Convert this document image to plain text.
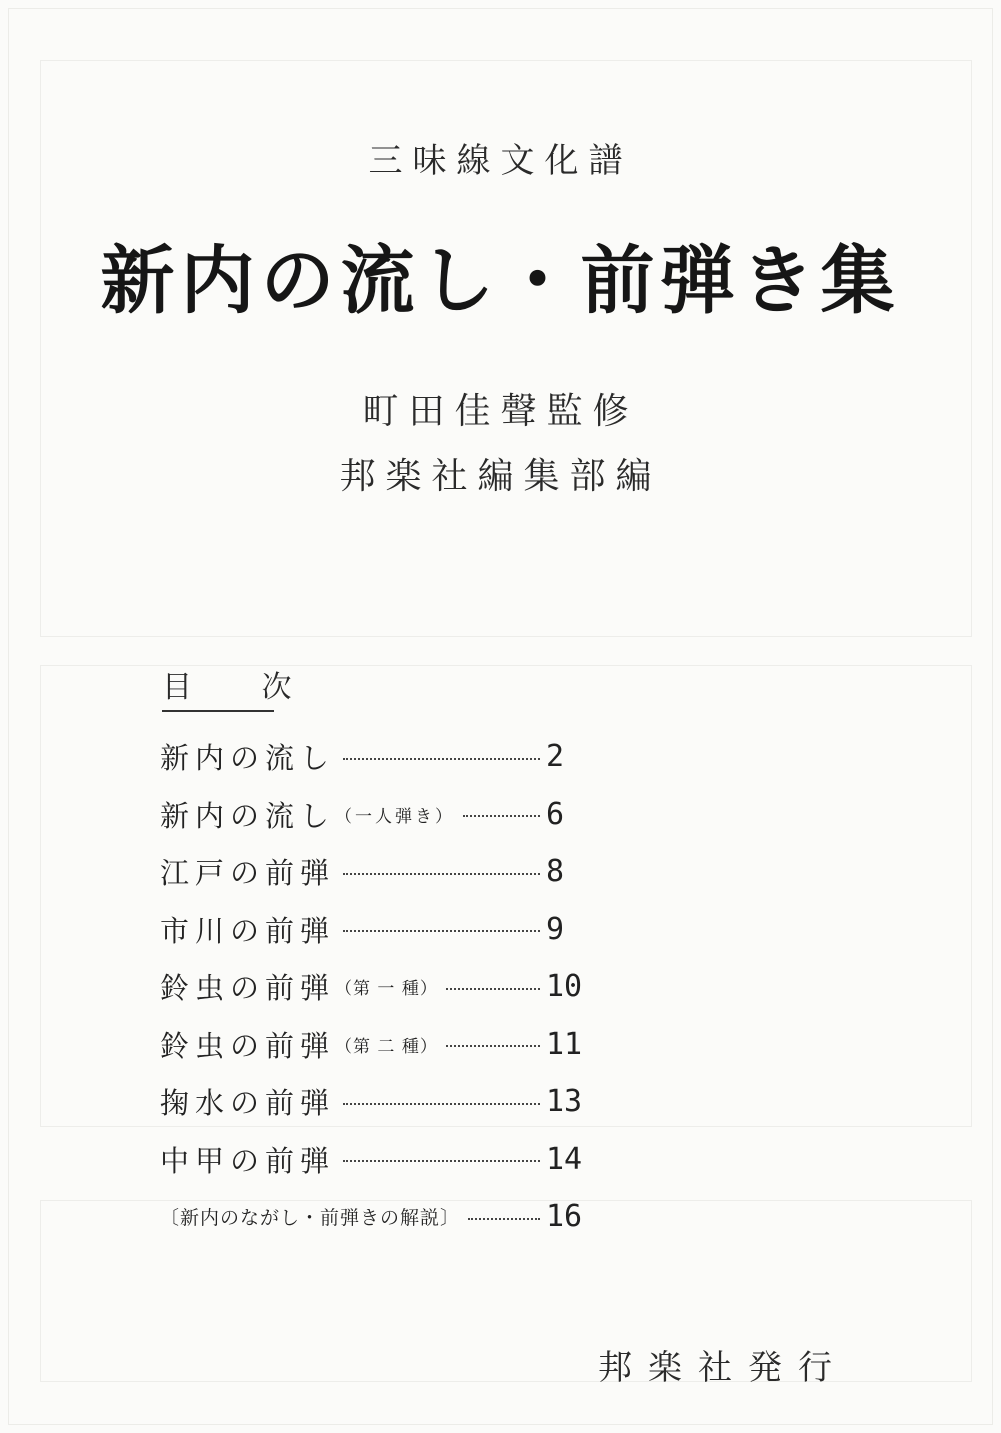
三味線文化譜
新内の流し・前弾き集
町田佳聲監修
邦楽社編集部編
目 次
新内の流し	2
新内の流し （一人弾き）	6
江戸の前弾	8
市川の前弾	9
鈴虫の前弾 （第 一 種）	10
鈴虫の前弾 （第 二 種）	11
掬水の前弾	13
中甲の前弾	14
〔新内のながし・前弾きの解説〕	16
邦楽社発行
